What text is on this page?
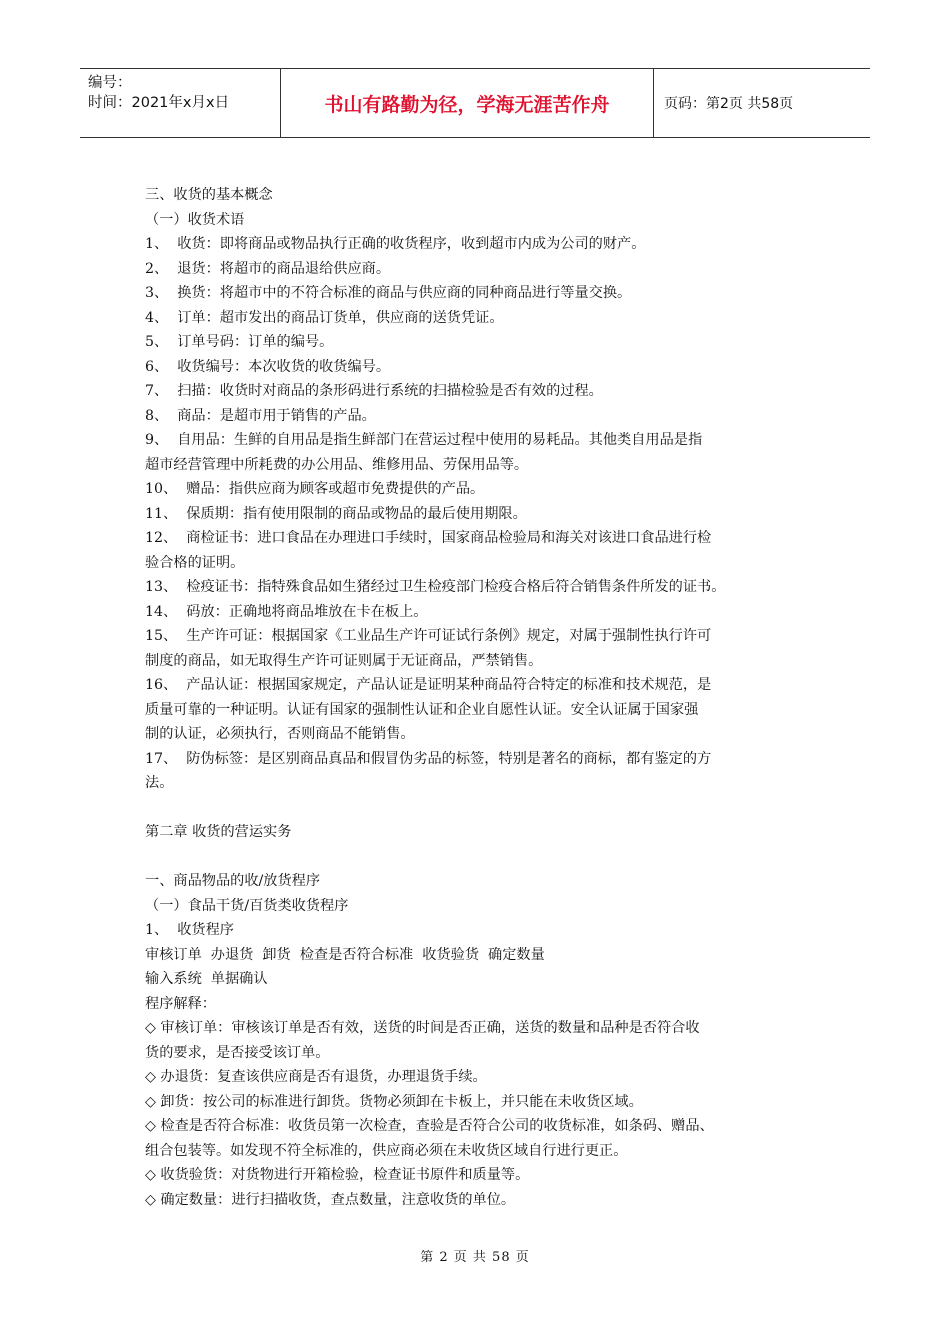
编号：
时间：2021年x月x日	书山有路勤为径，学海无涯苦作舟	页码：第2页 共58页

三、收货的基本概念

（一）收货术语

1、  收货：即将商品或物品执行正确的收货程序，收到超市内成为公司的财产。

2、  退货：将超市的商品退给供应商。

3、  换货：将超市中的不符合标准的商品与供应商的同种商品进行等量交换。

4、  订单：超市发出的商品订货单，供应商的送货凭证。

5、  订单号码：订单的编号。

6、  收货编号：本次收货的收货编号。

7、  扫描：收货时对商品的条形码进行系统的扫描检验是否有效的过程。

8、  商品：是超市用于销售的产品。

9、  自用品：生鲜的自用品是指生鲜部门在营运过程中使用的易耗品。其他类自用品是指

超市经营管理中所耗费的办公用品、维修用品、劳保用品等。

10、  赠品：指供应商为顾客或超市免费提供的产品。

11、  保质期：指有使用限制的商品或物品的最后使用期限。

12、  商检证书：进口食品在办理进口手续时，国家商品检验局和海关对该进口食品进行检

验合格的证明。

13、  检疫证书：指特殊食品如生猪经过卫生检疫部门检疫合格后符合销售条件所发的证书。

14、  码放：正确地将商品堆放在卡在板上。

15、  生产许可证：根据国家《工业品生产许可证试行条例》规定，对属于强制性执行许可

制度的商品，如无取得生产许可证则属于无证商品，严禁销售。

16、  产品认证：根据国家规定，产品认证是证明某种商品符合特定的标准和技术规范，是

质量可靠的一种证明。认证有国家的强制性认证和企业自愿性认证。安全认证属于国家强

制的认证，必须执行，否则商品不能销售。

17、  防伪标签：是区别商品真品和假冒伪劣品的标签，特别是著名的商标，都有鉴定的方

法。

第二章 收货的营运实务

一、商品物品的收/放货程序

（一）食品干货/百货类收货程序

1、  收货程序

审核订单  办退货  卸货  检查是否符合标准  收货验货  确定数量

输入系统  单据确认

程序解释：

◇ 审核订单：审核该订单是否有效，送货的时间是否正确，送货的数量和品种是否符合收

货的要求，是否接受该订单。

◇ 办退货：复查该供应商是否有退货，办理退货手续。

◇ 卸货：按公司的标准进行卸货。货物必须卸在卡板上，并只能在未收货区域。

◇ 检查是否符合标准：收货员第一次检查，查验是否符合公司的收货标准，如条码、赠品、

组合包装等。如发现不符全标准的，供应商必须在未收货区域自行进行更正。

◇ 收货验货：对货物进行开箱检验，检查证书原件和质量等。

◇ 确定数量：进行扫描收货，查点数量，注意收货的单位。

第 2 页 共 58 页
